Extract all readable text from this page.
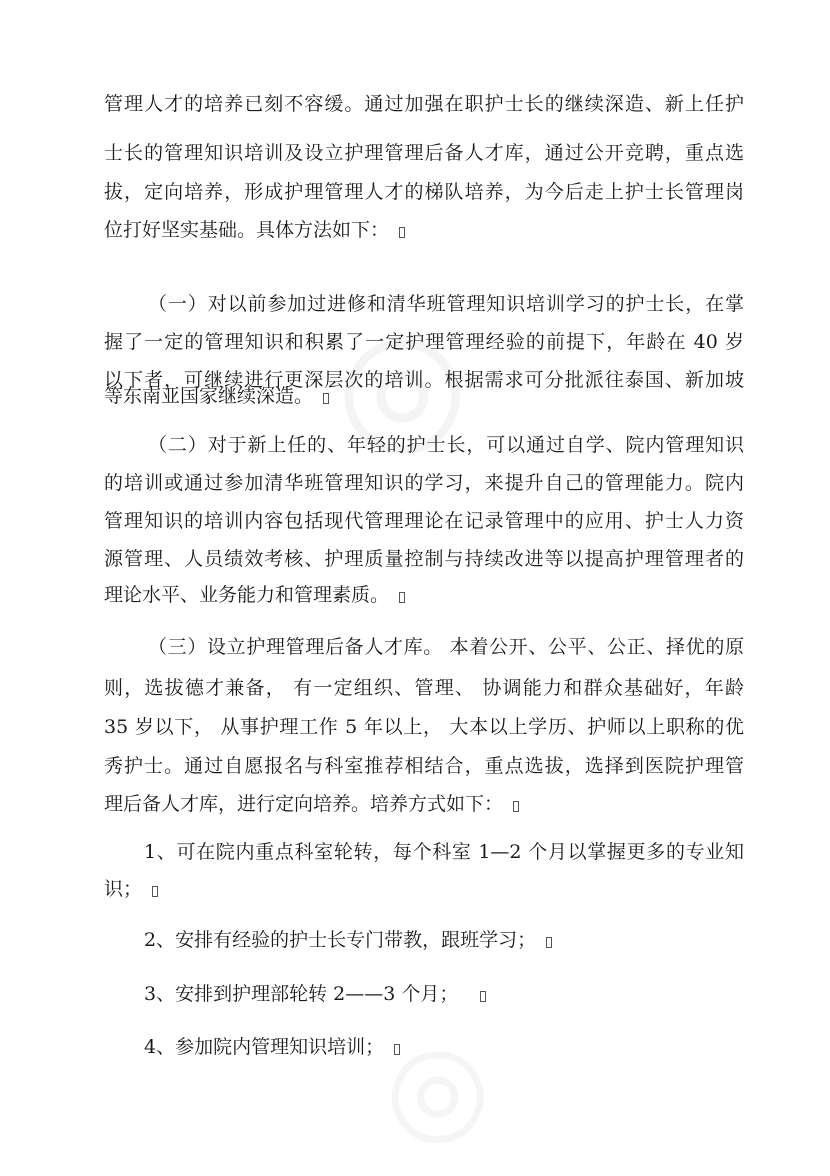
管理人才的培养已刻不容缓。通过加强在职护士长的继续深造、新上任护
士长的管理知识培训及设立护理管理后备人才库，通过公开竞聘，重点选
拔，定向培养，形成护理管理人才的梯队培养，为今后走上护士长管理岗
位打好坚实基础。具体方法如下：
（一）对以前参加过进修和清华班管理知识培训学习的护士长，在掌
握了一定的管理知识和积累了一定护理管理经验的前提下，年龄在 40 岁
以下者，可继续进行更深层次的培训。根据需求可分批派往泰国、新加坡
等东南亚国家继续深造。
（二）对于新上任的、年轻的护士长，可以通过自学、院内管理知识
的培训或通过参加清华班管理知识的学习，来提升自己的管理能力。院内
管理知识的培训内容包括现代管理理论在记录管理中的应用、护士人力资
源管理、人员绩效考核、护理质量控制与持续改进等以提高护理管理者的
理论水平、业务能力和管理素质。
（三）设立护理管理后备人才库。 本着公开、公平、公正、择优的原
则，选拔德才兼备， 有一定组织、管理、 协调能力和群众基础好，年龄
35 岁以下， 从事护理工作 5 年以上， 大本以上学历、护师以上职称的优
秀护士。通过自愿报名与科室推荐相结合，重点选拔，选择到医院护理管
理后备人才库，进行定向培养。培养方式如下：
1、可在院内重点科室轮转，每个科室 1—2 个月以掌握更多的专业知
识；
2、安排有经验的护士长专门带教，跟班学习；
3、安排到护理部轮转 2——3 个月；
4、参加院内管理知识培训；
